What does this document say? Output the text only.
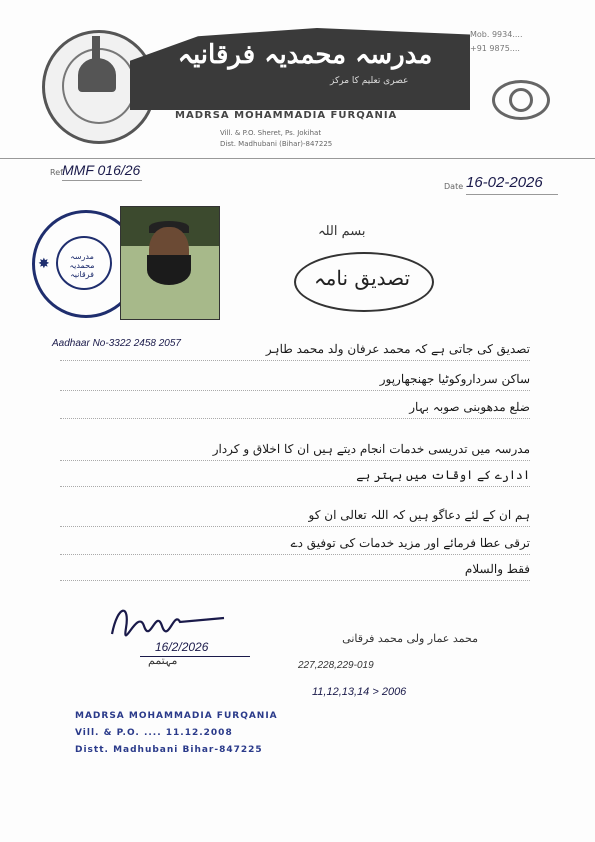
مدرسہ محمدیہ فرقانیہ
عصری تعلیم کا مرکز
MADRSA MOHAMMADIA FURQANIA
Vill. & P.O. Sheret, Ps. Jokihat
Dist. Madhubani (Bihar)-847225
Mob. 9934....
+91 9875....
Ref.
MMF 016/26
Date 16-02-2026
مدرسہ محمدیہ فرقانیہ
✸
بسم اللہ
تصدیق نامہ
Aadhaar No-3322 2458 2057	تصدیق کی جاتی ہے کہ محمد عرفان ولد محمد طاہر
ساکن سرداروکوٹیا جھنجھارپور
ضلع مدھوبنی صوبہ بہار
مدرسہ میں تدریسی خدمات انجام دیتے ہیں ان کا اخلاق و کردار
ادارے کے اوقات میں بہتر ہے
ہم ان کے لئے دعاگو ہیں کہ اللہ تعالی ان کو
ترقی عطا فرمائے اور مزید خدمات کی توفیق دے
فقط والسلام
16/2/2026
مہتمم
MADRSA MOHAMMADIA FURQANIA
Vill. & P.O. .... 11.12.2008
Distt. Madhubani Bihar-847225
محمد عمار ولی محمد فرقانی
227,228,229-019
11,12,13,14 > 2006
